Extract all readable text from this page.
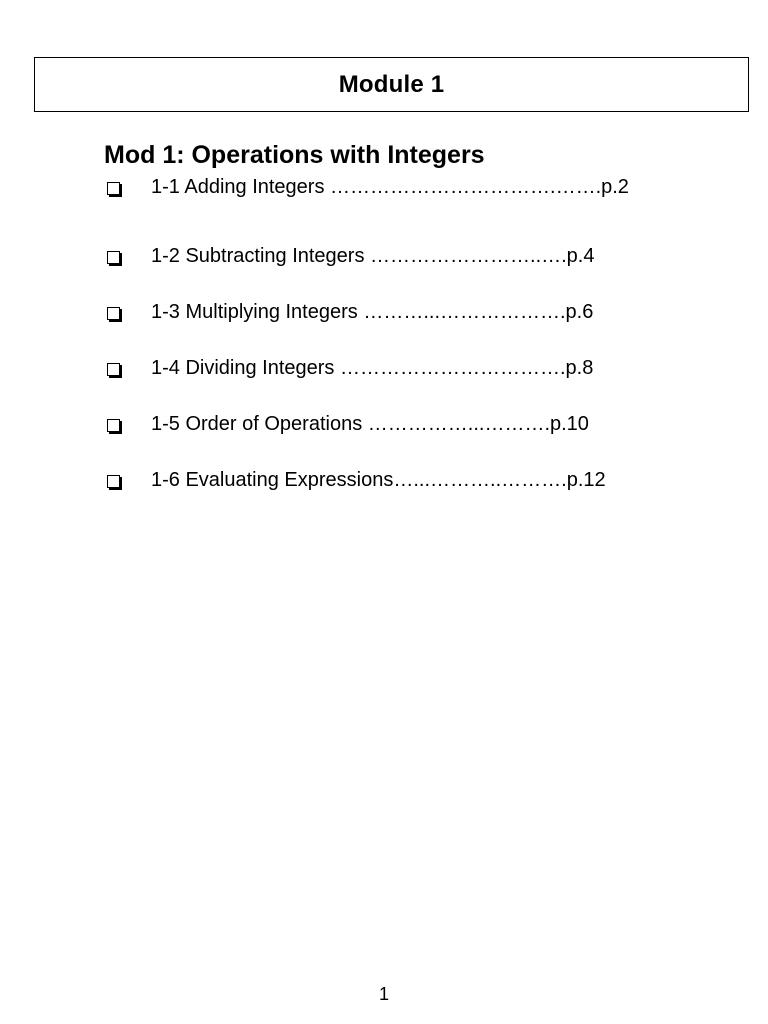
Module 1
Mod 1: Operations with Integers
1-1 Adding Integers …………………………….…….p.2
1-2 Subtracting Integers ……………………..….p.4
1-3 Multiplying Integers ………...……………….p.6
1-4 Dividing Integers …………………………….p.8
1-5 Order of Operations ……………...……….p.10
1-6 Evaluating Expressions…...………..……….p.12
1
